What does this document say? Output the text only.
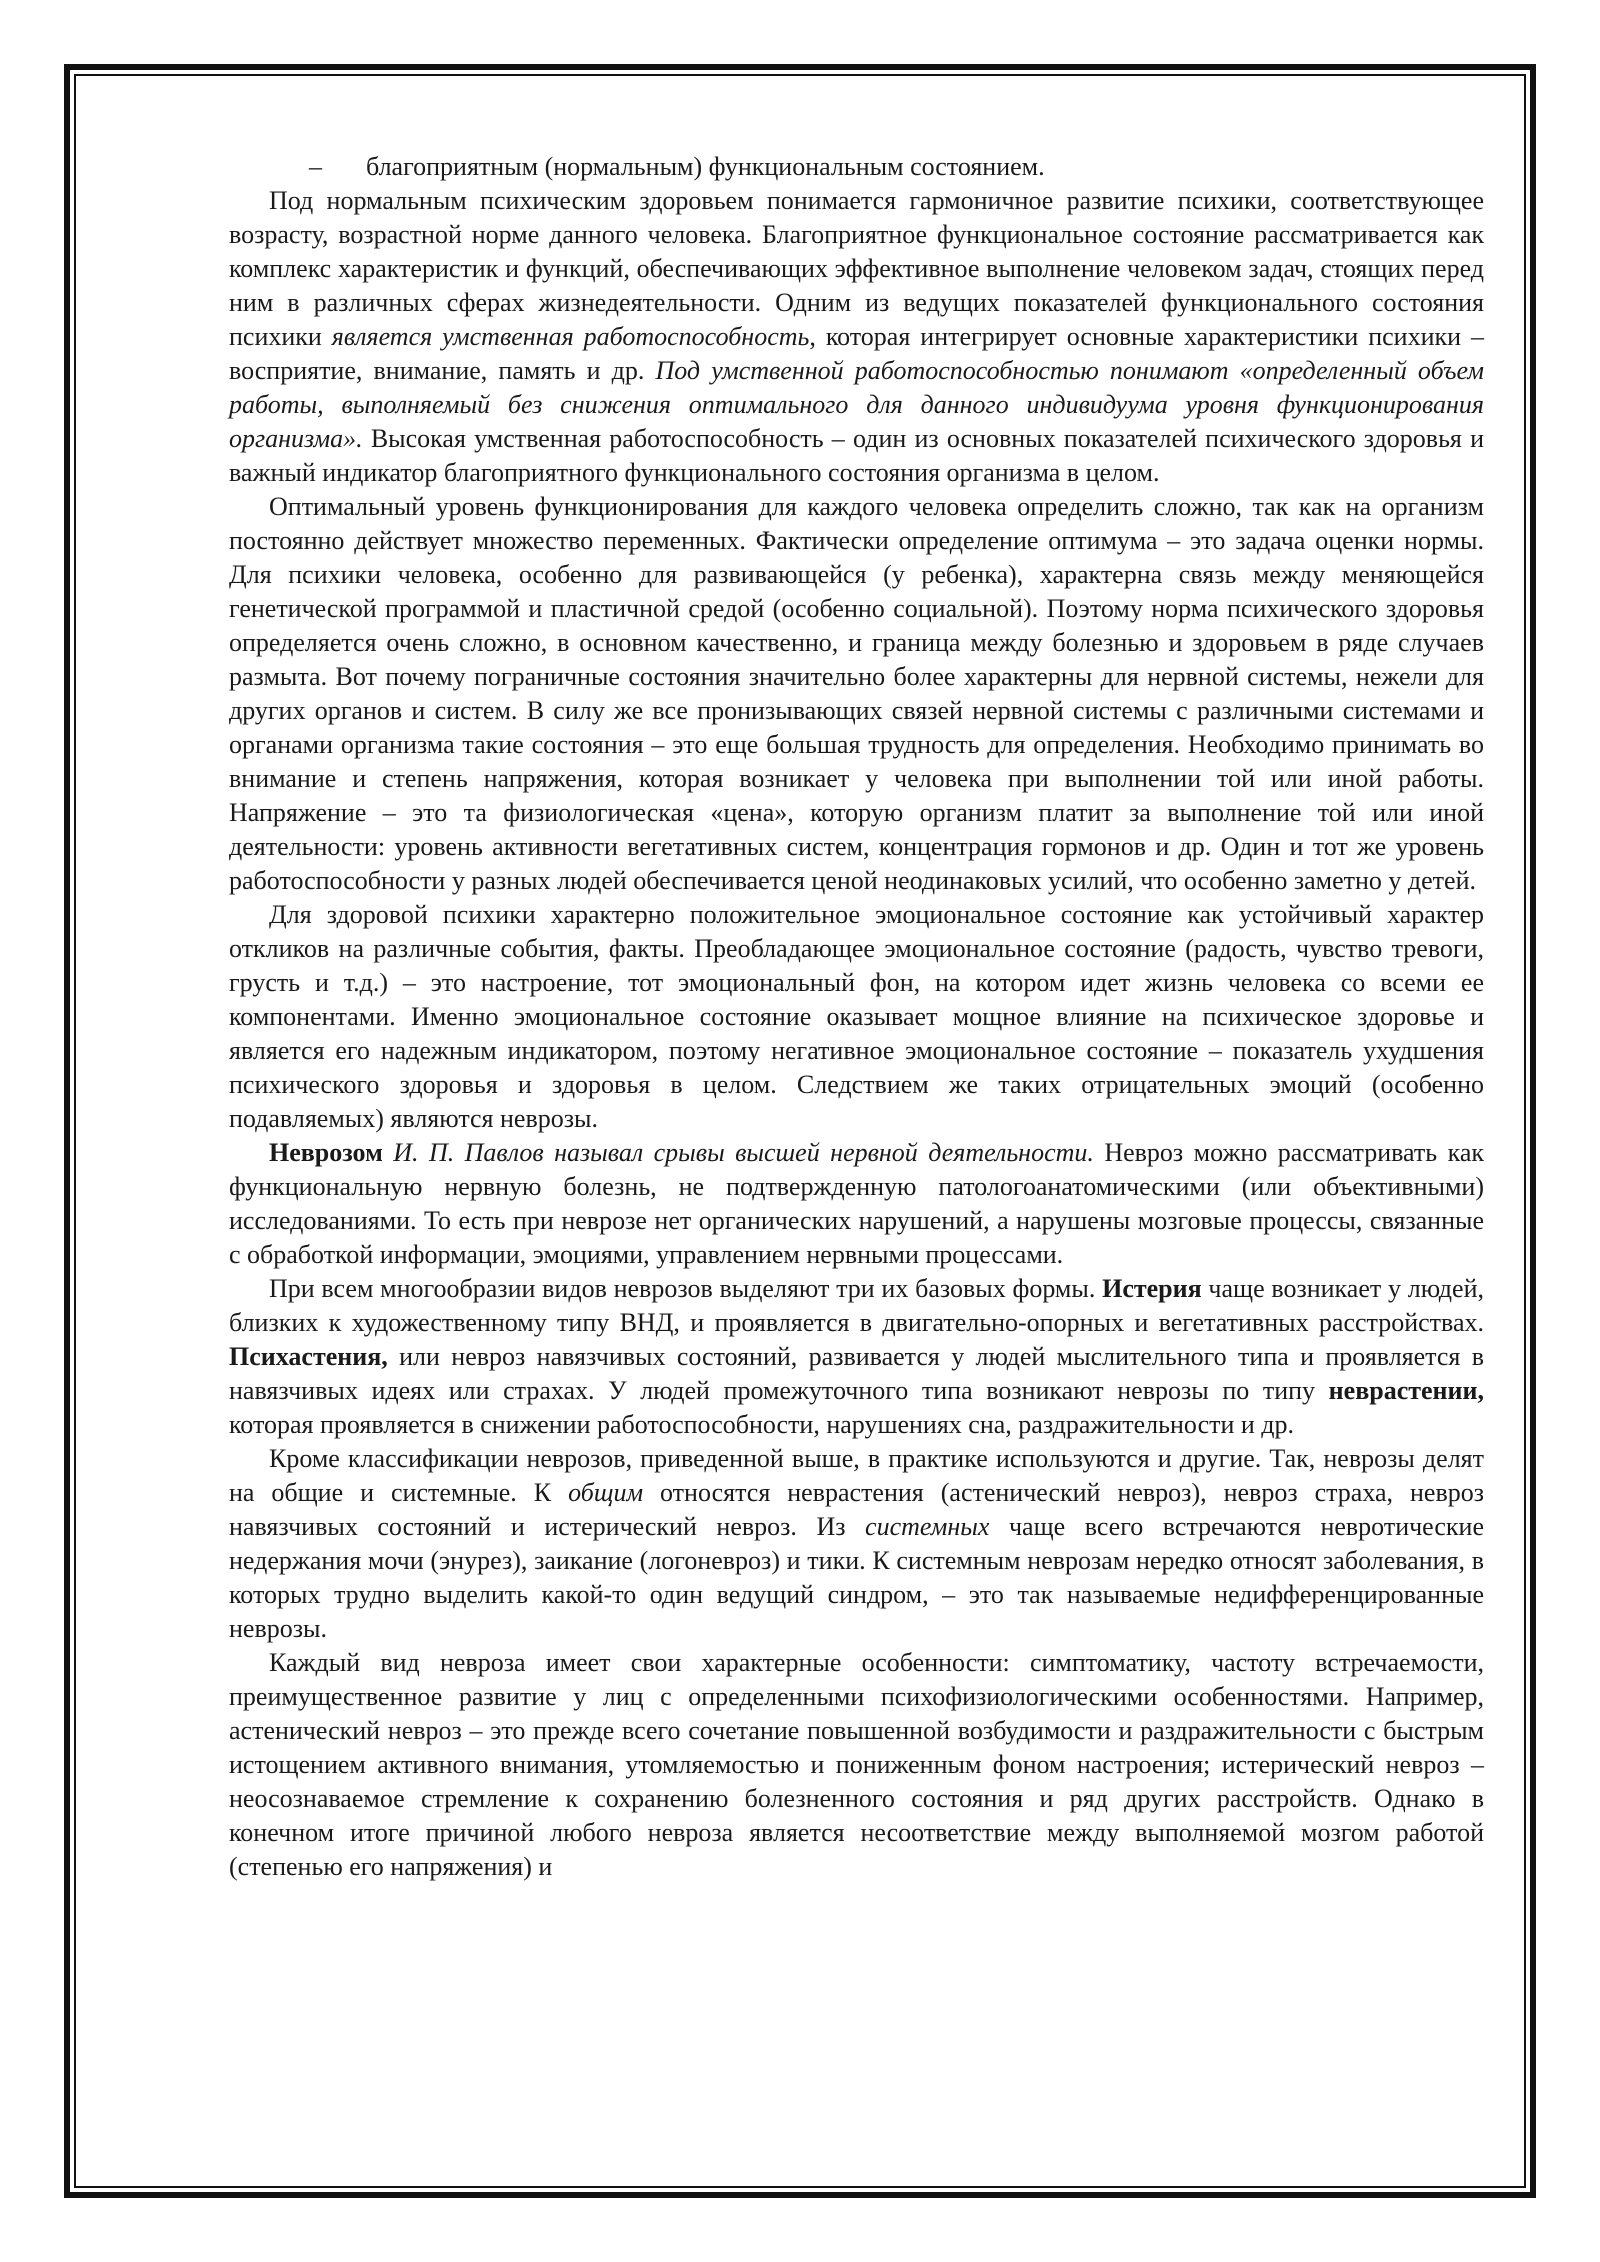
– благоприятным (нормальным) функциональным состоянием.

Под нормальным психическим здоровьем понимается гармоничное развитие психики, соответствующее возрасту, возрастной норме данного человека. Благоприятное функциональное состояние рассматривается как комплекс характеристик и функций, обеспечивающих эффективное выполнение человеком задач, стоящих перед ним в различных сферах жизнедеятельности. Одним из ведущих показателей функционального состояния психики является умственная работоспособность, которая интегрирует основные характеристики психики – восприятие, внимание, память и др. Под умственной работоспособностью понимают «определенный объем работы, выполняемый без снижения оптимального для данного индивидуума уровня функционирования организма». Высокая умственная работоспособность – один из основных показателей психического здоровья и важный индикатор благоприятного функционального состояния организма в целом.

Оптимальный уровень функционирования для каждого человека определить сложно, так как на организм постоянно действует множество переменных. Фактически определение оптимума – это задача оценки нормы. Для психики человека, особенно для развивающейся (у ребенка), характерна связь между меняющейся генетической программой и пластичной средой (особенно социальной). Поэтому норма психического здоровья определяется очень сложно, в основном качественно, и граница между болезнью и здоровьем в ряде случаев размыта. Вот почему пограничные состояния значительно более характерны для нервной системы, нежели для других органов и систем. В силу же все пронизывающих связей нервной системы с различными системами и органами организма такие состояния – это еще большая трудность для определения. Необходимо принимать во внимание и степень напряжения, которая возникает у человека при выполнении той или иной работы. Напряжение – это та физиологическая «цена», которую организм платит за выполнение той или иной деятельности: уровень активности вегетативных систем, концентрация гормонов и др. Один и тот же уровень работоспособности у разных людей обеспечивается ценой неодинаковых усилий, что особенно заметно у детей.

Для здоровой психики характерно положительное эмоциональное состояние как устойчивый характер откликов на различные события, факты. Преобладающее эмоциональное состояние (радость, чувство тревоги, грусть и т.д.) – это настроение, тот эмоциональный фон, на котором идет жизнь человека со всеми ее компонентами. Именно эмоциональное состояние оказывает мощное влияние на психическое здоровье и является его надежным индикатором, поэтому негативное эмоциональное состояние – показатель ухудшения психического здоровья и здоровья в целом. Следствием же таких отрицательных эмоций (особенно подавляемых) являются неврозы.

Неврозом И. П. Павлов называл срывы высшей нервной деятельности. Невроз можно рассматривать как функциональную нервную болезнь, не подтвержденную патологоанатомическими (или объективными) исследованиями. То есть при неврозе нет органических нарушений, а нарушены мозговые процессы, связанные с обработкой информации, эмоциями, управлением нервными процессами.

При всем многообразии видов неврозов выделяют три их базовых формы. Истерия чаще возникает у людей, близких к художественному типу ВНД, и проявляется в двигательно-опорных и вегетативных расстройствах. Психастения, или невроз навязчивых состояний, развивается у людей мыслительного типа и проявляется в навязчивых идеях или страхах. У людей промежуточного типа возникают неврозы по типу неврастении, которая проявляется в снижении работоспособности, нарушениях сна, раздражительности и др.

Кроме классификации неврозов, приведенной выше, в практике используются и другие. Так, неврозы делят на общие и системные. К общим относятся неврастения (астенический невроз), невроз страха, невроз навязчивых состояний и истерический невроз. Из системных чаще всего встречаются невротические недержания мочи (энурез), заикание (логоневроз) и тики. К системным неврозам нередко относят заболевания, в которых трудно выделить какой-то один ведущий синдром, – это так называемые недифференцированные неврозы.

Каждый вид невроза имеет свои характерные особенности: симптоматику, частоту встречаемости, преимущественное развитие у лиц с определенными психофизиологическими особенностями. Например, астенический невроз – это прежде всего сочетание повышенной возбудимости и раздражительности с быстрым истощением активного внимания, утомляемостью и пониженным фоном настроения; истерический невроз – неосознаваемое стремление к сохранению болезненного состояния и ряд других расстройств. Однако в конечном итоге причиной любого невроза является несоответствие между выполняемой мозгом работой (степенью его напряжения) и
